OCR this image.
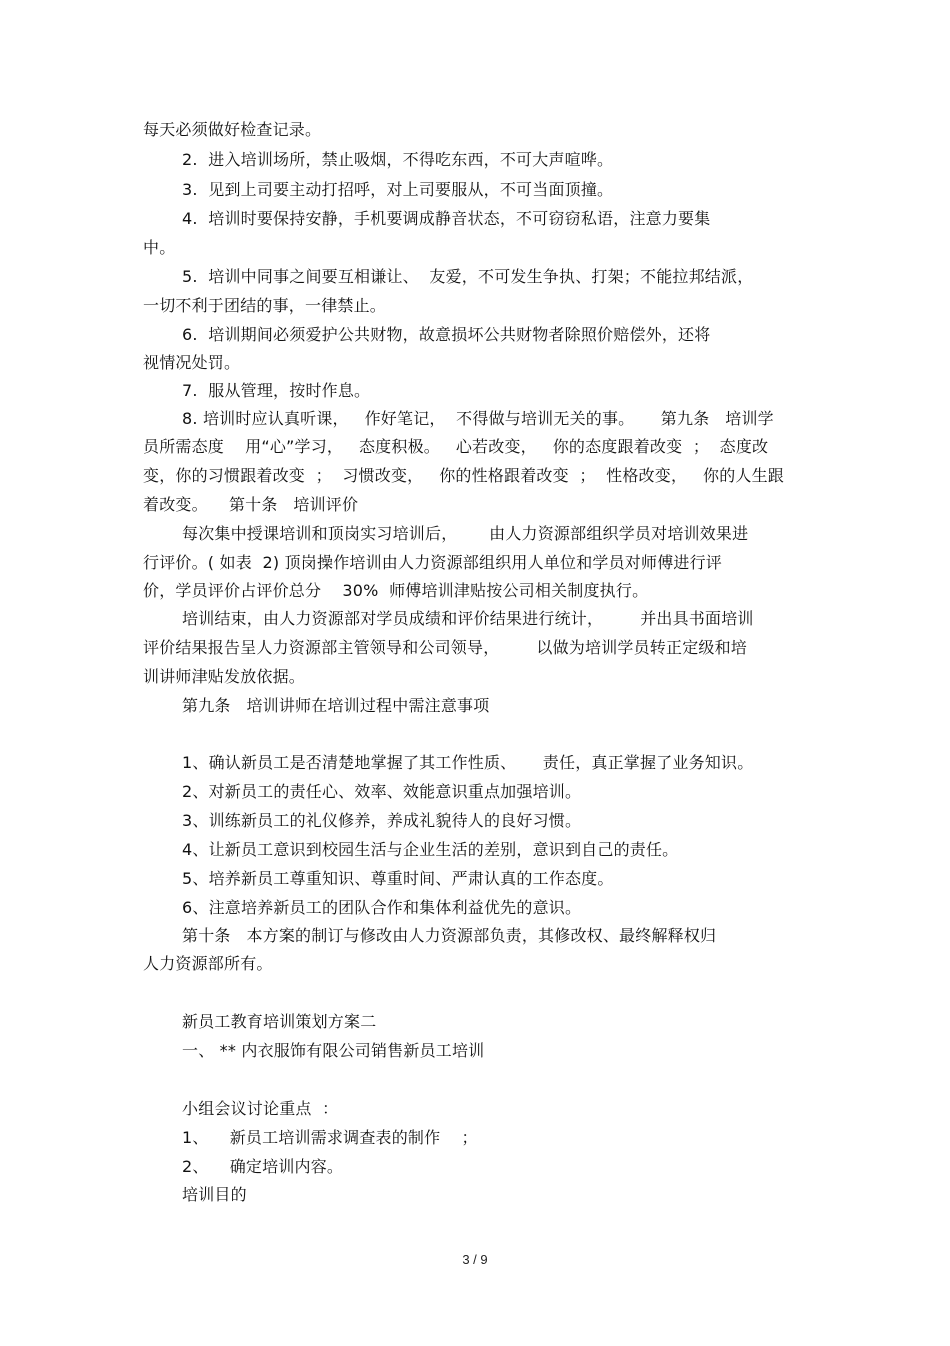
每天必须做好检查记录。
2.  进入培训场所，禁止吸烟，不得吃东西，不可大声喧哗。
3.  见到上司要主动打招呼，对上司要服从，不可当面顶撞。
4.  培训时要保持安静，手机要调成静音状态，不可窃窃私语，注意力要集
中。
5.  培训中同事之间要互相谦让、  友爱，不可发生争执、打架；不能拉邦结派，
一切不利于团结的事，一律禁止。
6.  培训期间必须爱护公共财物，故意损坏公共财物者除照价赔偿外，还将
视情况处罚。
7.  服从管理，按时作息。
8. 培训时应认真听课，   作好笔记，  不得做与培训无关的事。     第九条   培训学
员所需态度    用“心”学习，   态度积极。   心若改变，   你的态度跟着改变  ；  态度改
变，你的习惯跟着改变  ；  习惯改变，   你的性格跟着改变  ；  性格改变，   你的人生跟
着改变。    第十条   培训评价
每次集中授课培训和顶岗实习培训后，      由人力资源部组织学员对培训效果进
行评价。( 如表  2) 顶岗操作培训由人力资源部组织用人单位和学员对师傅进行评
价，学员评价占评价总分    30%  师傅培训津贴按公司相关制度执行。
培训结束，由人力资源部对学员成绩和评价结果进行统计，       并出具书面培训
评价结果报告呈人力资源部主管领导和公司领导，       以做为培训学员转正定级和培
训讲师津贴发放依据。
第九条   培训讲师在培训过程中需注意事项
1、确认新员工是否清楚地掌握了其工作性质、     责任，真正掌握了业务知识。
2、对新员工的责任心、效率、效能意识重点加强培训。
3、训练新员工的礼仪修养，养成礼貌待人的良好习惯。
4、让新员工意识到校园生活与企业生活的差别，意识到自己的责任。
5、培养新员工尊重知识、尊重时间、严肃认真的工作态度。
6、注意培养新员工的团队合作和集体利益优先的意识。
第十条   本方案的制订与修改由人力资源部负责，其修改权、最终解释权归
人力资源部所有。
新员工教育培训策划方案二
一、 ** 内衣服饰有限公司销售新员工培训
小组会议讨论重点  ：
1、    新员工培训需求调查表的制作    ；
2、    确定培训内容。
培训目的
3 / 9
